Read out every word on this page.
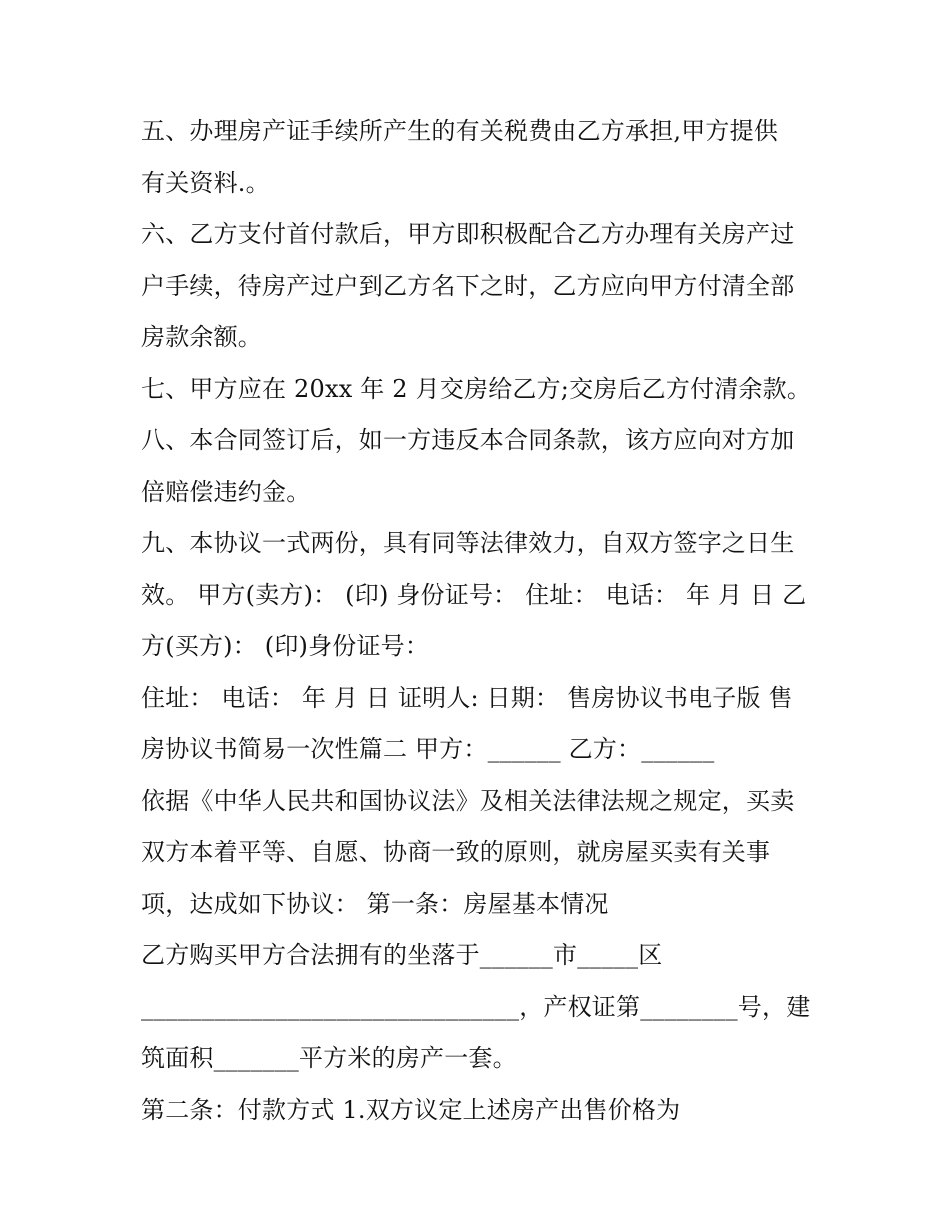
五、办理房产证手续所产生的有关税费由乙方承担,甲方提供
有关资料.。
六、乙方支付首付款后，甲方即积极配合乙方办理有关房产过
户手续，待房产过户到乙方名下之时，乙方应向甲方付清全部
房款余额。
七、甲方应在 20xx 年 2 月交房给乙方;交房后乙方付清余款。
八、本合同签订后，如一方违反本合同条款，该方应向对方加
倍赔偿违约金。
九、本协议一式两份，具有同等法律效力，自双方签字之日生
效。 甲方(卖方)： (印) 身份证号： 住址： 电话： 年 月 日 乙
方(买方)： (印)身份证号：
住址： 电话： 年 月 日 证明人: 日期： 售房协议书电子版 售
房协议书简易一次性篇二 甲方：______ 乙方：______
依据《中华人民共和国协议法》及相关法律法规之规定，买卖
双方本着平等、自愿、协商一致的原则，就房屋买卖有关事
项，达成如下协议： 第一条：房屋基本情况
乙方购买甲方合法拥有的坐落于______市_____区
_______________________________，产权证第________号，建
筑面积_______平方米的房产一套。
第二条：付款方式 1.双方议定上述房产出售价格为
